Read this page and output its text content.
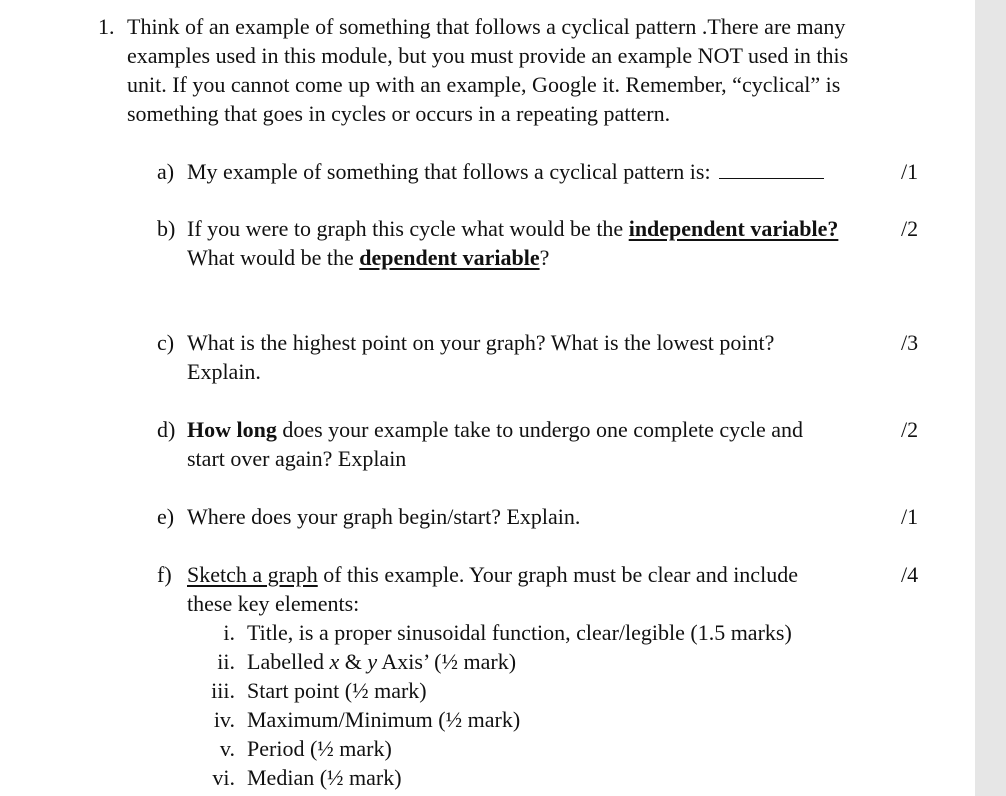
1. Think of an example of something that follows a cyclical pattern .There are many
examples used in this module, but you must provide an example NOT used in this
unit. If you cannot come up with an example, Google it. Remember, “cyclical” is
something that goes in cycles or occurs in a repeating pattern.
a) My example of something that follows a cyclical pattern is:	/1
b) If you were to graph this cycle what would be the independent variable?	/2
What would be the dependent variable?
c) What is the highest point on your graph? What is the lowest point?	/3
Explain.
d) How long does your example take to undergo one complete cycle and	/2
start over again? Explain
e) Where does your graph begin/start? Explain.	/1
f) Sketch a graph of this example. Your graph must be clear and include	/4
these key elements:
i. Title, is a proper sinusoidal function, clear/legible (1.5 marks)
ii. Labelled x & y Axis’ (½ mark)
iii. Start point (½ mark)
iv. Maximum/Minimum (½ mark)
v. Period (½ mark)
vi. Median (½ mark)
